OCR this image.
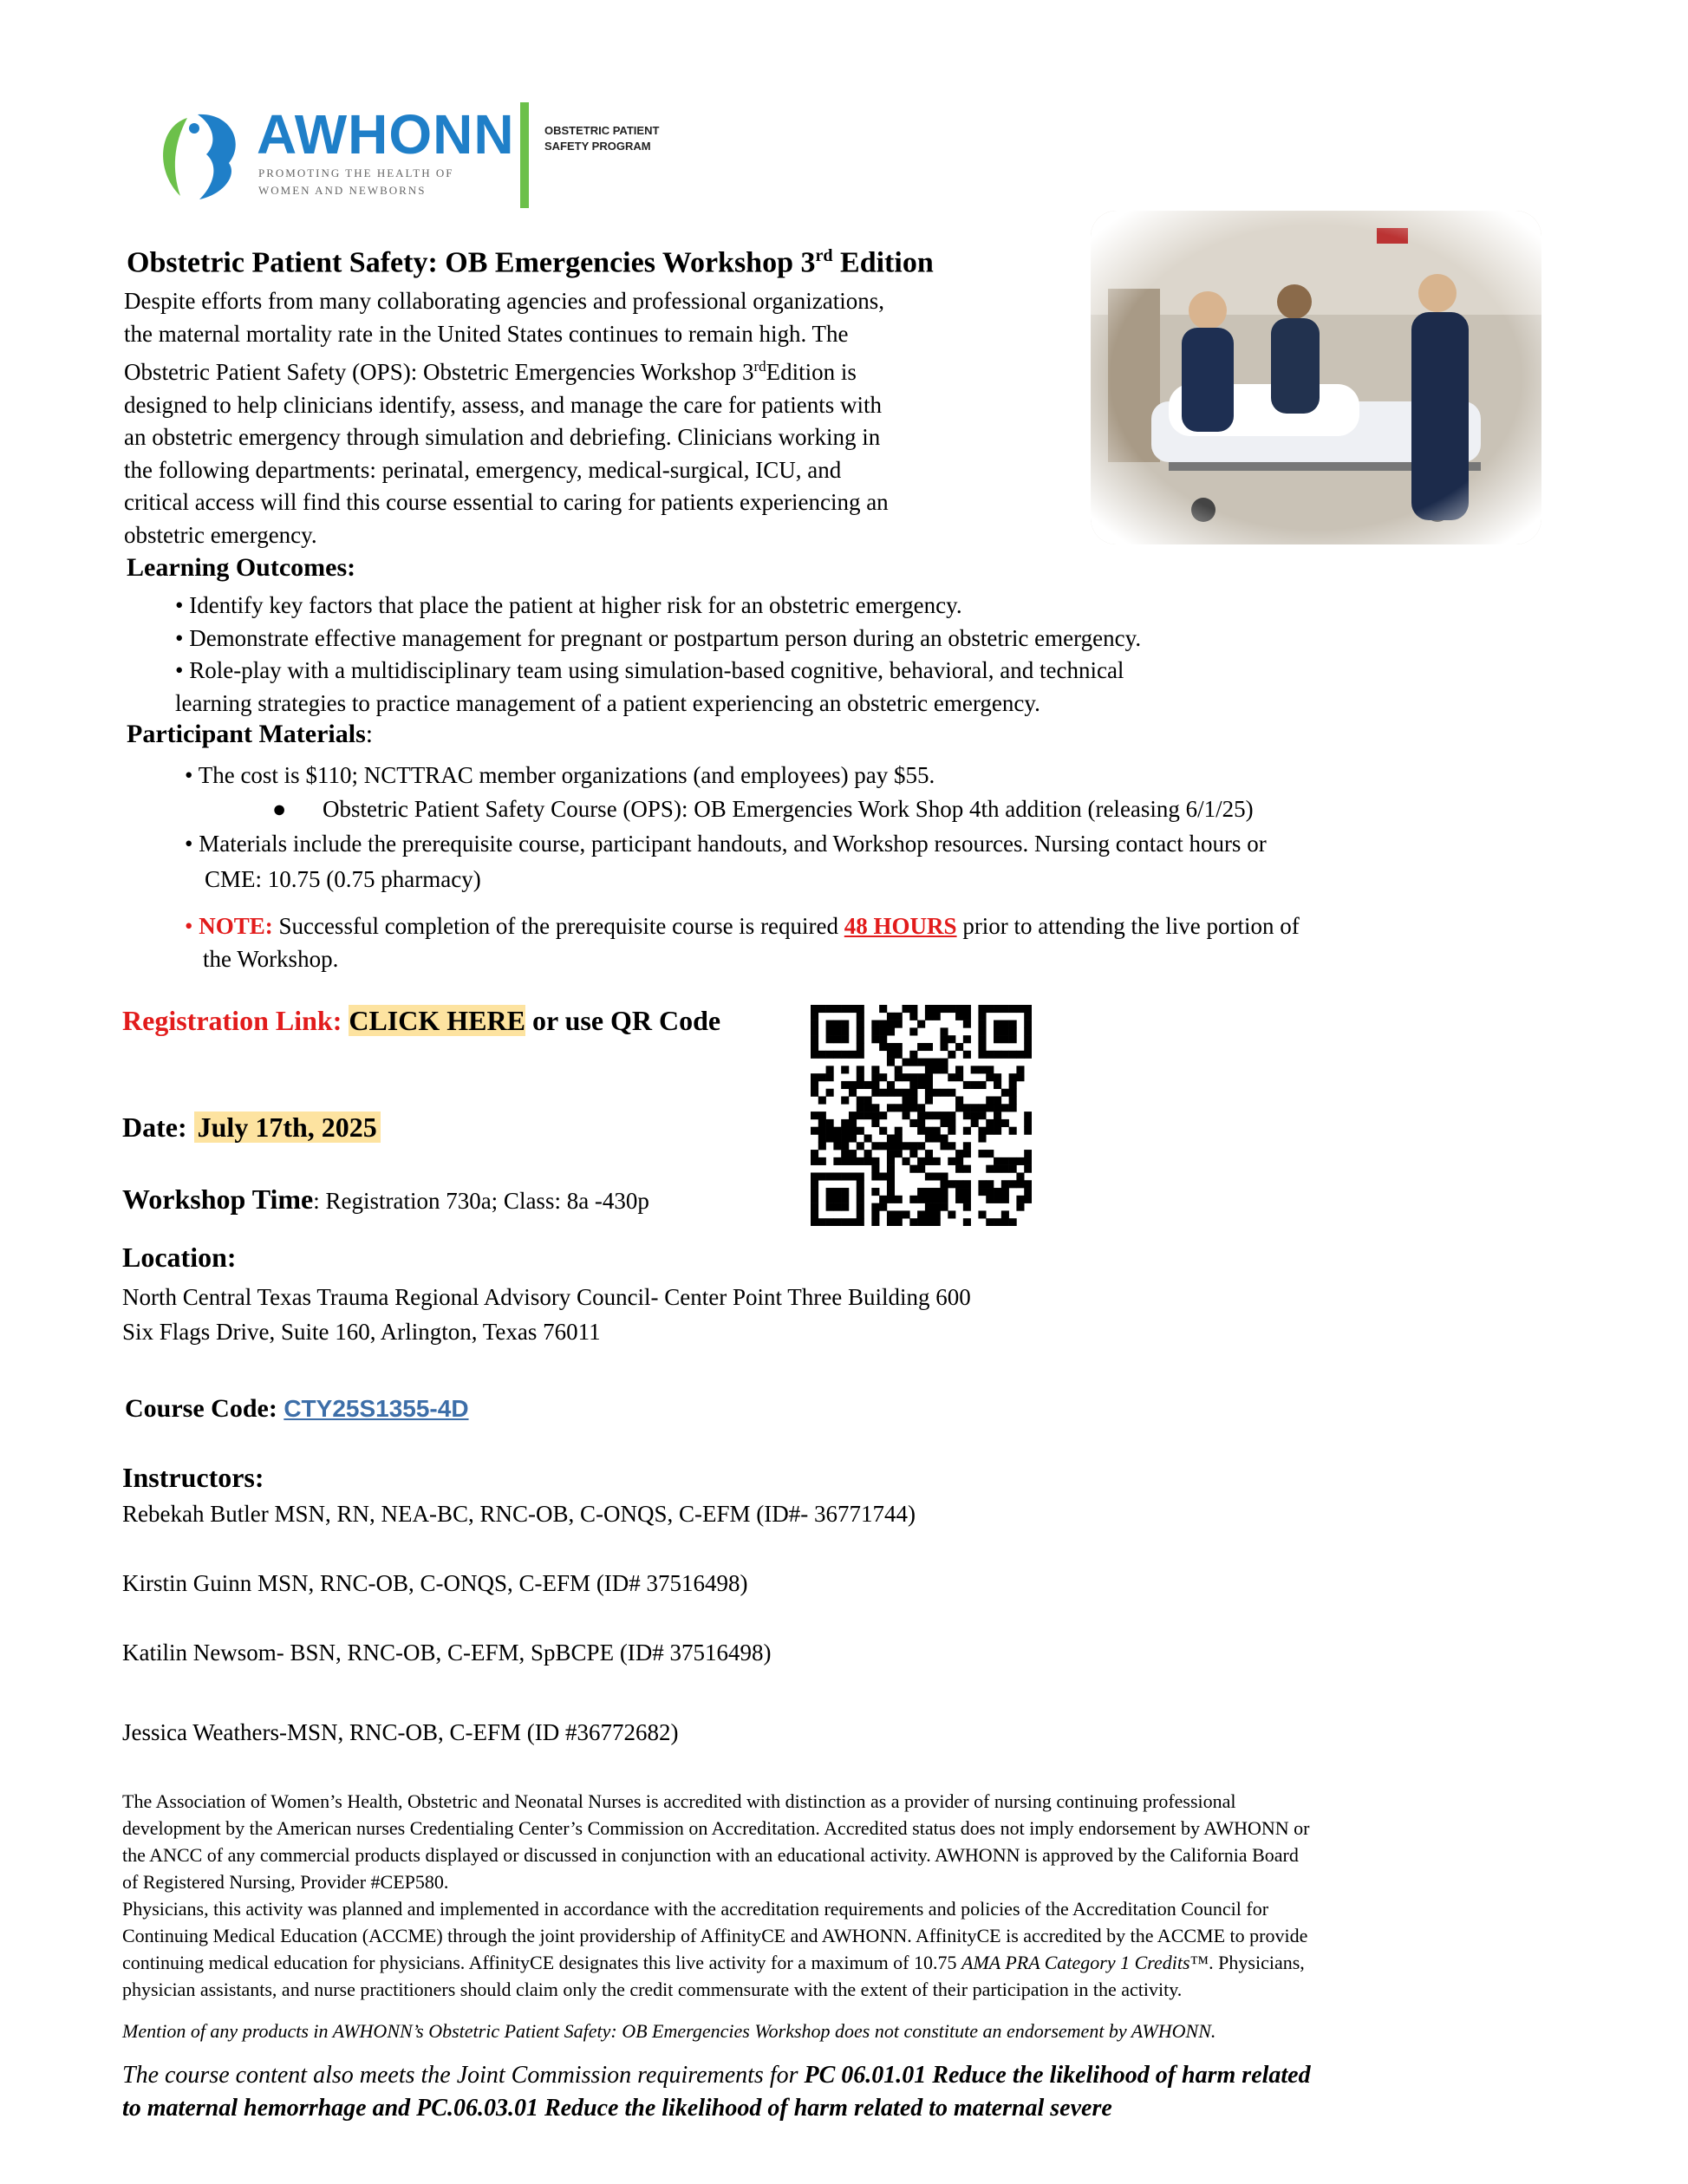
AWHONN
PROMOTING THE HEALTH OF WOMEN AND NEWBORNS
OBSTETRIC PATIENT SAFETY PROGRAM
Obstetric Patient Safety: OB Emergencies Workshop 3rd Edition
Despite efforts from many collaborating agencies and professional organizations,
the maternal mortality rate in the United States continues to remain high. The
Obstetric Patient Safety (OPS): Obstetric Emergencies Workshop 3rdEdition is
designed to help clinicians identify, assess, and manage the care for patients with
an obstetric emergency through simulation and debriefing. Clinicians working in
the following departments: perinatal, emergency, medical-surgical, ICU, and
critical access will find this course essential to caring for patients experiencing an
obstetric emergency.
Learning Outcomes:
• Identify key factors that place the patient at higher risk for an obstetric emergency.
• Demonstrate effective management for pregnant or postpartum person during an obstetric emergency.
• Role-play with a multidisciplinary team using simulation-based cognitive, behavioral, and technical
learning strategies to practice management of a patient experiencing an obstetric emergency.
Participant Materials:
• The cost is $110; NCTTRAC member organizations (and employees) pay $55.
● Obstetric Patient Safety Course (OPS): OB Emergencies Work Shop 4th addition (releasing 6/1/25)
• Materials include the prerequisite course, participant handouts, and Workshop resources. Nursing contact hours or
CME: 10.75 (0.75 pharmacy)
• NOTE: Successful completion of the prerequisite course is required 48 HOURS prior to attending the live portion of
the Workshop.
Registration Link: CLICK HERE or use QR Code
Date: July 17th, 2025
Workshop Time: Registration 730a; Class: 8a -430p
Location:
North Central Texas Trauma Regional Advisory Council- Center Point Three Building 600
Six Flags Drive, Suite 160, Arlington, Texas 76011
Course Code: CTY25S1355-4D
Instructors:
Rebekah Butler MSN, RN, NEA-BC, RNC-OB, C-ONQS, C-EFM (ID#- 36771744)
Kirstin Guinn MSN, RNC-OB, C-ONQS, C-EFM (ID# 37516498)
Katilin Newsom- BSN, RNC-OB, C-EFM, SpBCPE (ID# 37516498)
Jessica Weathers-MSN, RNC-OB, C-EFM (ID #36772682)
The Association of Women’s Health, Obstetric and Neonatal Nurses is accredited with distinction as a provider of nursing continuing professional
development by the American nurses Credentialing Center’s Commission on Accreditation. Accredited status does not imply endorsement by AWHONN or
the ANCC of any commercial products displayed or discussed in conjunction with an educational activity. AWHONN is approved by the California Board
of Registered Nursing, Provider #CEP580.
Physicians, this activity was planned and implemented in accordance with the accreditation requirements and policies of the Accreditation Council for
Continuing Medical Education (ACCME) through the joint providership of AffinityCE and AWHONN. AffinityCE is accredited by the ACCME to provide
continuing medical education for physicians. AffinityCE designates this live activity for a maximum of 10.75 AMA PRA Category 1 Credits™. Physicians,
physician assistants, and nurse practitioners should claim only the credit commensurate with the extent of their participation in the activity.
Mention of any products in AWHONN’s Obstetric Patient Safety: OB Emergencies Workshop does not constitute an endorsement by AWHONN.
The course content also meets the Joint Commission requirements for PC 06.01.01 Reduce the likelihood of harm related
to maternal hemorrhage and PC.06.03.01 Reduce the likelihood of harm related to maternal severe
